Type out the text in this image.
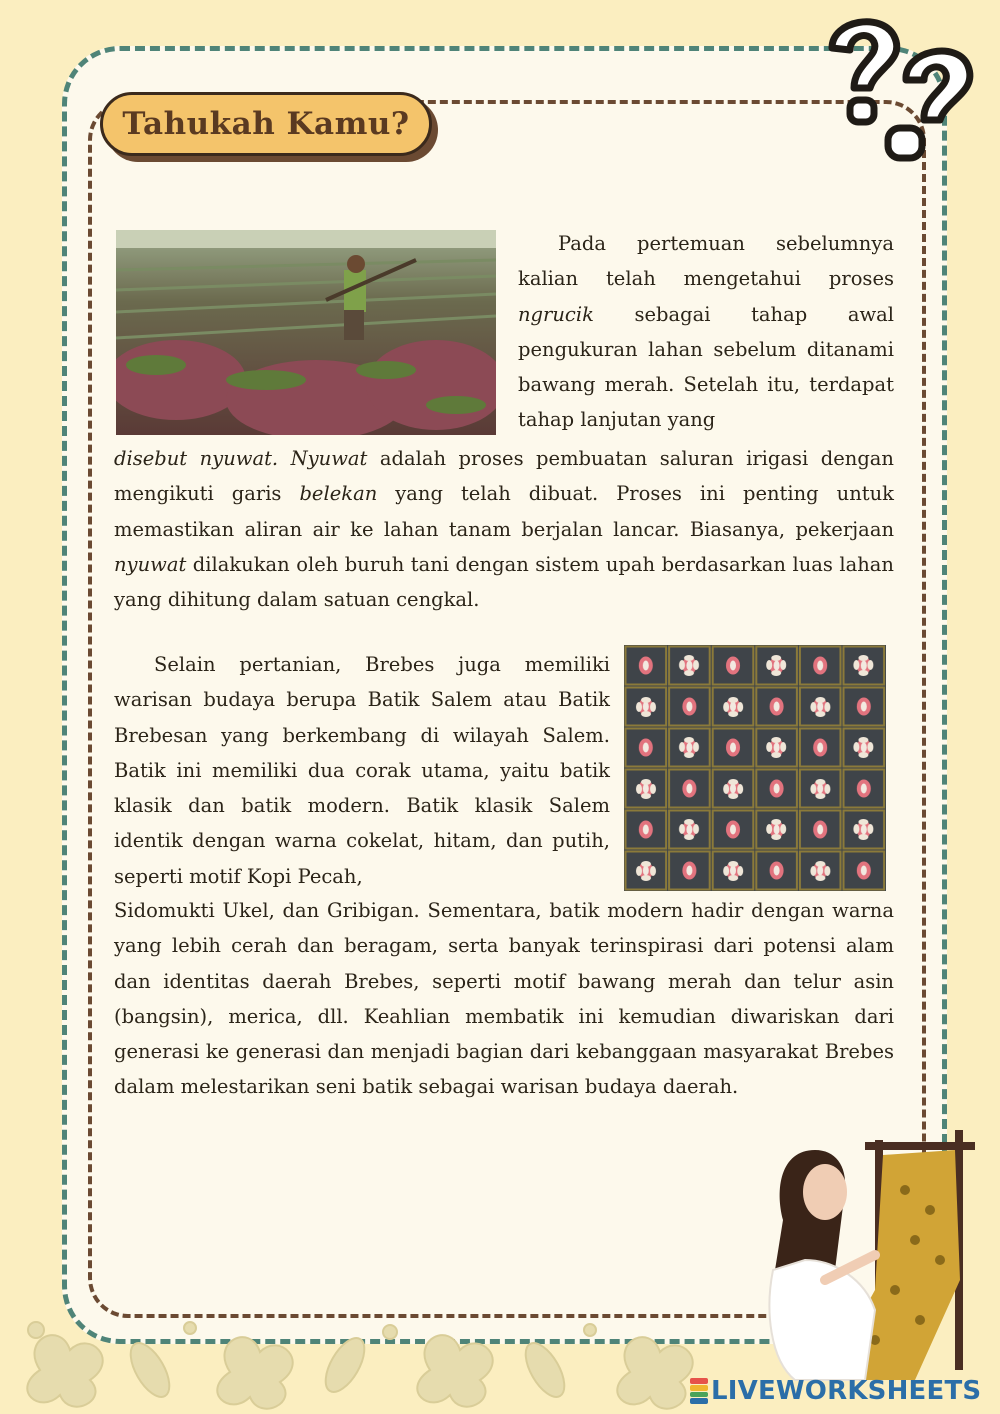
Tahukah Kamu?

Pada pertemuan sebelumnya kalian telah mengetahui proses ngrucik sebagai tahap awal pengukuran lahan sebelum ditanami bawang merah. Setelah itu, terdapat tahap lanjutan yang

disebut nyuwat. Nyuwat adalah proses pembuatan saluran irigasi dengan mengikuti garis belekan yang telah dibuat. Proses ini penting untuk memastikan aliran air ke lahan tanam berjalan lancar. Biasanya, pekerjaan nyuwat dilakukan oleh buruh tani dengan sistem upah berdasarkan luas lahan yang dihitung dalam satuan cengkal.

Selain pertanian, Brebes juga memiliki warisan budaya berupa Batik Salem atau Batik Brebesan yang berkembang di wilayah Salem. Batik ini memiliki dua corak utama, yaitu batik klasik dan batik modern. Batik klasik Salem identik dengan warna cokelat, hitam, dan putih, seperti motif Kopi Pecah,

Sidomukti Ukel, dan Gribigan. Sementara, batik modern hadir dengan warna yang lebih cerah dan beragam, serta banyak terinspirasi dari potensi alam dan identitas daerah Brebes, seperti motif bawang merah dan telur asin (bangsin), merica, dll. Keahlian membatik ini kemudian diwariskan dari generasi ke generasi dan menjadi bagian dari kebanggaan masyarakat Brebes dalam melestarikan seni batik sebagai warisan budaya daerah.

LIVEWORKSHEETS
